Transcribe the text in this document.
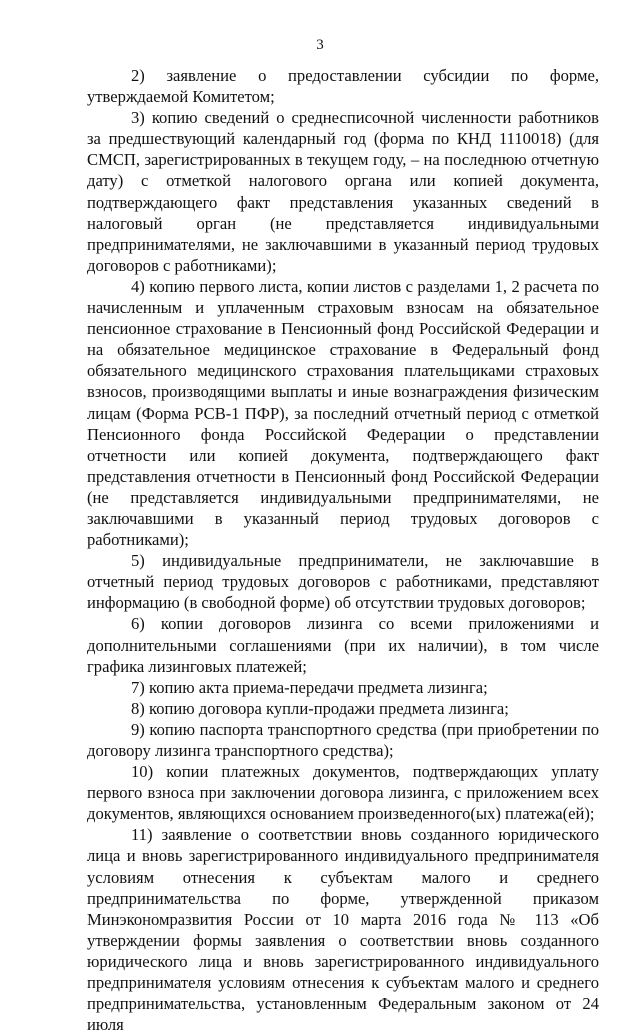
3

2) заявление о предоставлении субсидии по форме, утверждаемой Комитетом;

3) копию сведений о среднесписочной численности работников за предшествующий календарный год (форма по КНД 1110018) (для СМСП, зарегистрированных в текущем году, – на последнюю отчетную дату) с отметкой налогового органа или копией документа, подтверждающего факт представления указанных сведений в налоговый орган (не представляется индивидуальными предпринимателями, не заключавшими в указанный период трудовых договоров с работниками);

4) копию первого листа, копии листов с разделами 1, 2 расчета по начисленным и уплаченным страховым взносам на обязательное пенсионное страхование в Пенсионный фонд Российской Федерации и на обязательное медицинское страхование в Федеральный фонд обязательного медицинского страхования плательщиками страховых взносов, производящими выплаты и иные вознаграждения физическим лицам (Форма РСВ-1 ПФР), за последний отчетный период с отметкой Пенсионного фонда Российской Федерации о представлении отчетности или копией документа, подтверждающего факт представления отчетности в Пенсионный фонд Российской Федерации (не представляется индивидуальными предпринимателями, не заключавшими в указанный период трудовых договоров с работниками);

5) индивидуальные предприниматели, не заключавшие в отчетный период трудовых договоров с работниками, представляют информацию (в свободной форме) об отсутствии трудовых договоров;

6) копии договоров лизинга со всеми приложениями и дополнительными соглашениями (при их наличии), в том числе графика лизинговых платежей;

7) копию акта приема-передачи предмета лизинга;

8) копию договора купли-продажи предмета лизинга;

9) копию паспорта транспортного средства (при приобретении по договору лизинга транспортного средства);

10) копии платежных документов, подтверждающих уплату первого взноса при заключении договора лизинга, с приложением всех документов, являющихся основанием произведенного(ых) платежа(ей);

11) заявление о соответствии вновь созданного юридического лица и вновь зарегистрированного индивидуального предпринимателя условиям отнесения к субъектам малого и среднего предпринимательства по форме, утвержденной приказом Минэкономразвития России от 10 марта 2016 года № 113 «Об утверждении формы заявления о соответствии вновь созданного юридического лица и вновь зарегистрированного индивидуального предпринимателя условиям отнесения к субъектам малого и среднего предпринимательства, установленным Федеральным законом от 24 июля
